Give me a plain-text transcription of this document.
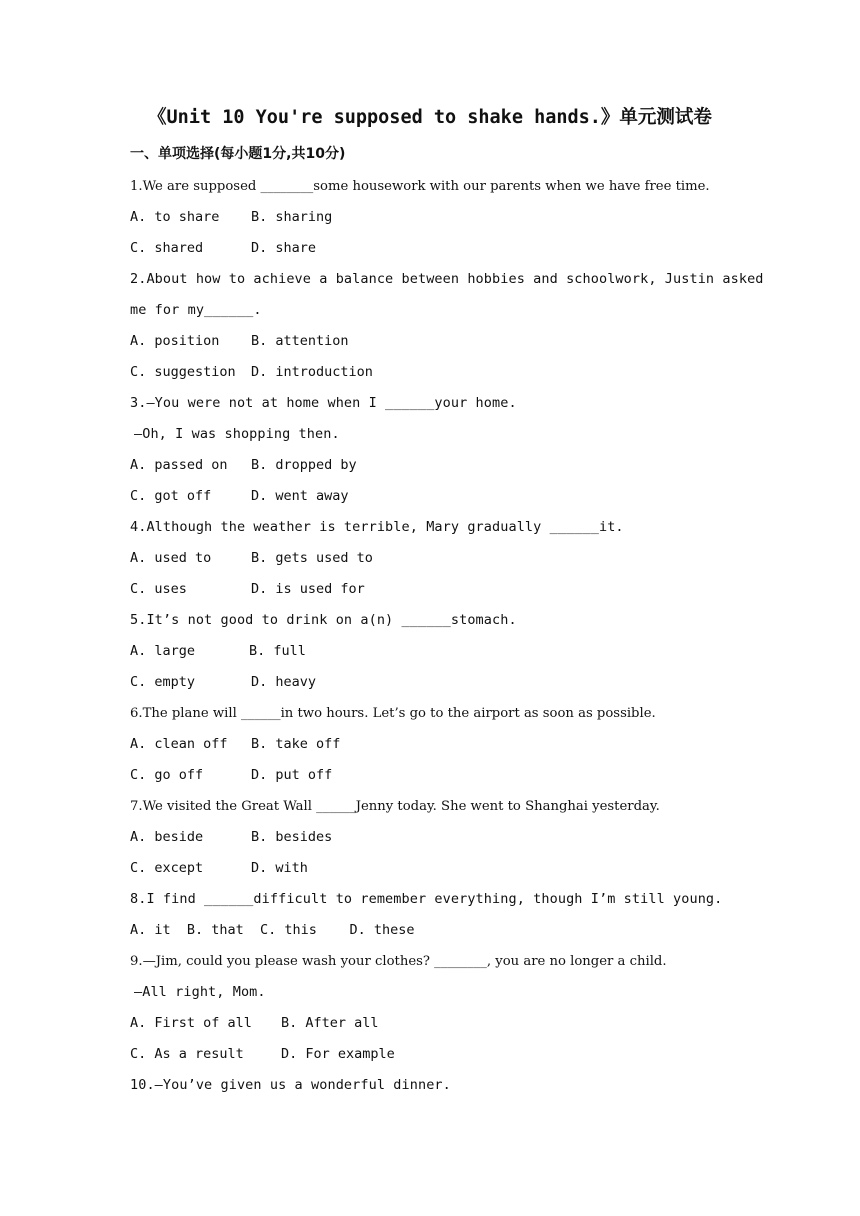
《Unit 10 You're supposed to shake hands.》单元测试卷
一、单项选择(每小题1分,共10分)
1.We are supposed ________some housework with our parents when we have free time.
A. to share B. sharing
C. shared	D. share
2.About how to achieve a balance between hobbies and schoolwork, Justin asked
me for my______.
A. position B. attention
C. suggestion D. introduction
3.—You were not at home when I ______your home.
—Oh, I was shopping then.
A. passed on B. dropped by
C. got off	D. went away
4.Although the weather is terrible, Mary gradually ______it.
A. used to	B. gets used to
C. uses	D. is used for
5.It’s not good to drink on a(n) ______stomach.
A. large	B. full
C. empty	D. heavy
6.The plane will ______in two hours. Let’s go to the airport as soon as possible.
A. clean off B. take off
C. go off	D. put off
7.We visited the Great Wall ______Jenny today. She went to Shanghai yesterday.
A. beside	B. besides
C. except	D. with
8.I find ______difficult to remember everything, though I’m still young.
A. it  B. that  C. this    D. these
9.—Jim, could you please wash your clothes? ________, you are no longer a child.
—All right, Mom.
A. First of all B. After all
C. As a result	D. For example
10.—You’ve given us a wonderful dinner.
